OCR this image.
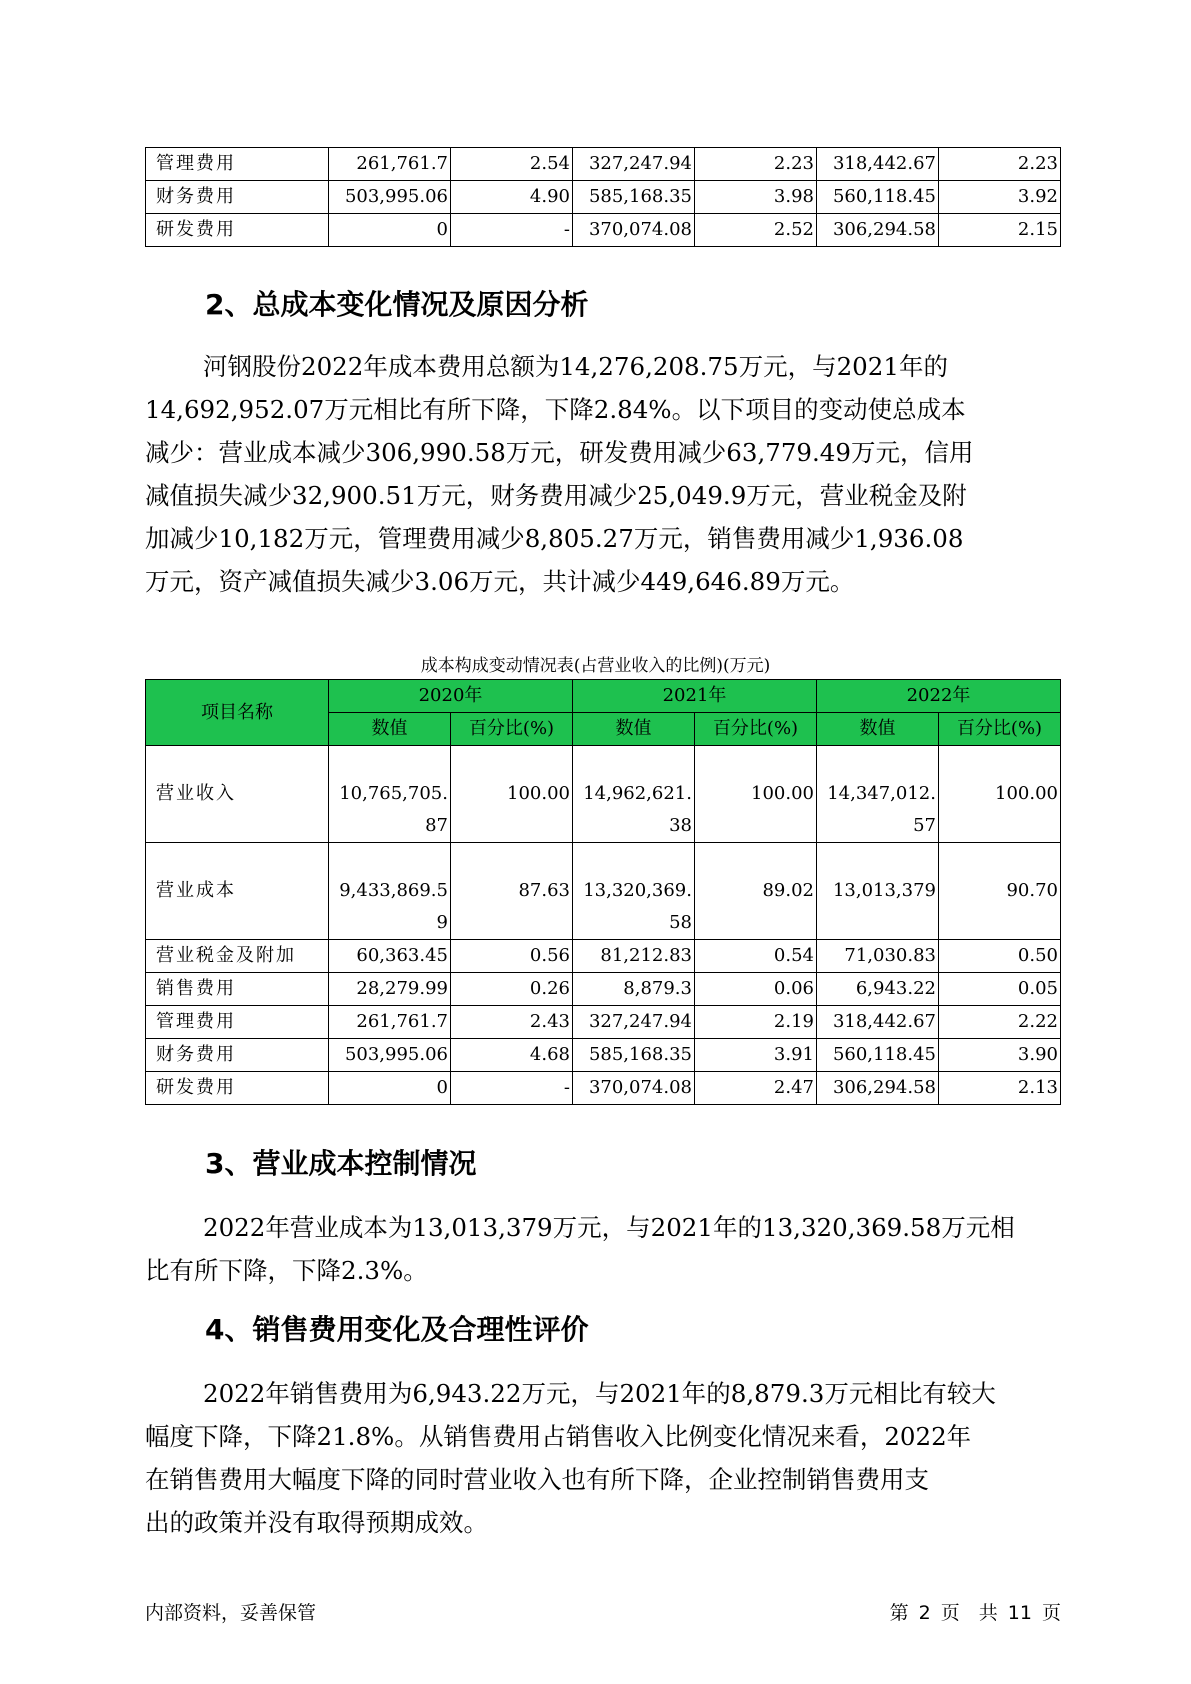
管理费用	261,761.7	2.54	327,247.94	2.23	318,442.67	2.23
财务费用	503,995.06	4.90	585,168.35	3.98	560,118.45	3.92
研发费用	0	-	370,074.08	2.52	306,294.58	2.15
2、总成本变化情况及原因分析

河钢股份2022年成本费用总额为14,276,208.75万元，与2021年的
14,692,952.07万元相比有所下降，下降2.84%。以下项目的变动使总成本
减少：营业成本减少306,990.58万元，研发费用减少63,779.49万元，信用
减值损失减少32,900.51万元，财务费用减少25,049.9万元，营业税金及附
加减少10,182万元，管理费用减少8,805.27万元，销售费用减少1,936.08
万元，资产减值损失减少3.06万元，共计减少449,646.89万元。

成本构成变动情况表(占营业收入的比例)(万元)
项目名称	2020年		2021年		2022年	
	数值	百分比(%)	数值	百分比(%)	数值	百分比(%)
营业收入	10,765,705.87	100.00	14,962,621.38	100.00	14,347,012.57	100.00
营业成本	9,433,869.59	87.63	13,320,369.58	89.02	13,013,379	90.70
营业税金及附加	60,363.45	0.56	81,212.83	0.54	71,030.83	0.50
销售费用	28,279.99	0.26	8,879.3	0.06	6,943.22	0.05
管理费用	261,761.7	2.43	327,247.94	2.19	318,442.67	2.22
财务费用	503,995.06	4.68	585,168.35	3.91	560,118.45	3.90
研发费用	0	-	370,074.08	2.47	306,294.58	2.13
3、营业成本控制情况

2022年营业成本为13,013,379万元，与2021年的13,320,369.58万元相
比有所下降，下降2.3%。

4、销售费用变化及合理性评价

2022年销售费用为6,943.22万元，与2021年的8,879.3万元相比有较大
幅度下降，下降21.8%。从销售费用占销售收入比例变化情况来看，2022年
在销售费用大幅度下降的同时营业收入也有所下降，企业控制销售费用支
出的政策并没有取得预期成效。

内部资料，妥善保管	第 2 页　共 11 页
